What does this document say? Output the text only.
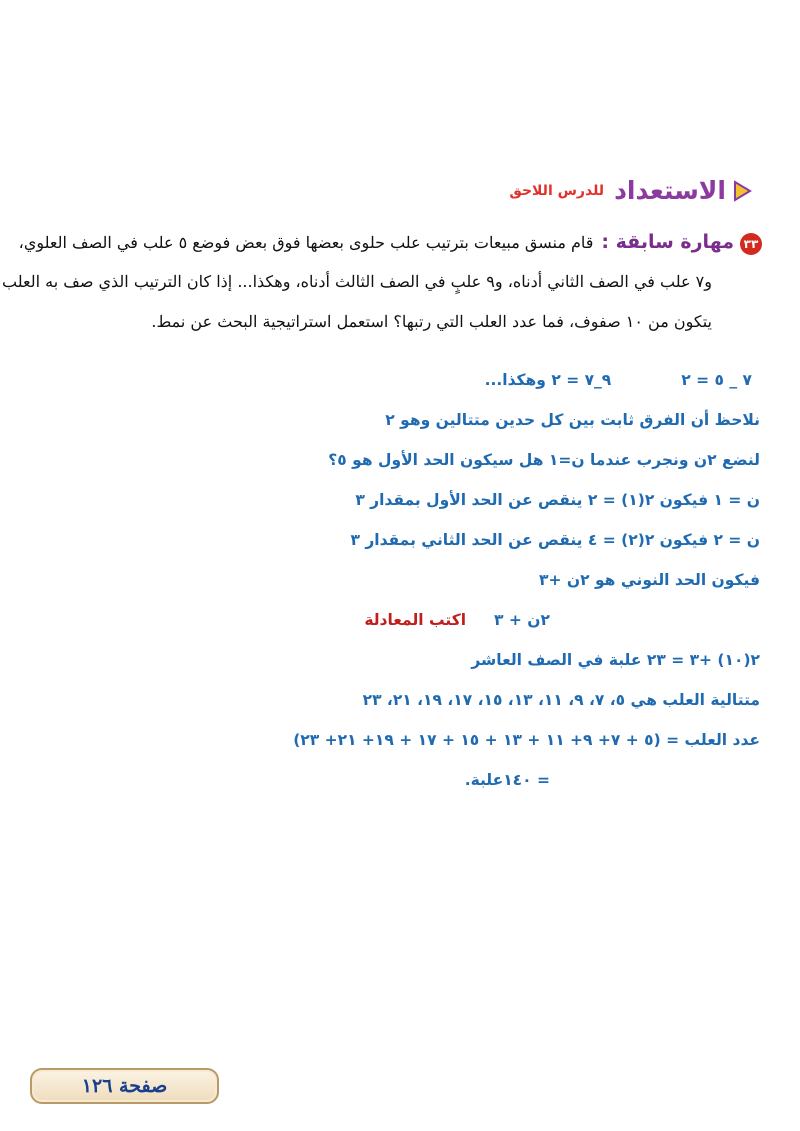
الاستعداد
للدرس اللاحق
٣٣مهارة سابقة :قام منسق مبيعات بترتيب علب حلوى بعضها فوق بعض فوضع ٥ علب في الصف العلوي،
و٧ علب في الصف الثاني أدناه، و٩ علبٍ في الصف الثالث أدناه، وهكذا... إذا كان الترتيب الذي صف به العلب
يتكون من ١٠ صفوف، فما عدد العلب التي رتبها؟ استعمل استراتيجية البحث عن نمط.
٧ _ ٥ = ٢٩_٧ = ٢ وهكذا...
نلاحظ أن الفرق ثابت بين كل حدين متتالين وهو ٢
لنضع ٢ن ونجرب عندما ن=١ هل سيكون الحد الأول هو ٥؟
ن = ١ فيكون ٢(١) = ٢ ينقص عن الحد الأول بمقدار ٣
ن = ٢ فيكون ٢(٢) = ٤ ينقص عن الحد الثاني بمقدار ٣
فيكون الحد النوني هو ٢ن +٣
٢ن + ٣اكتب المعادلة
٢(١٠) +٣ = ٢٣ علبة في الصف العاشر
متتالية العلب هي ٥، ٧، ٩، ١١، ١٣، ١٥، ١٧، ١٩، ٢١، ٢٣
عدد العلب = (٥ + ٧+ ٩+ ١١ + ١٣ + ١٥ + ١٧ + ١٩+ ٢١+ ٢٣)
= ١٤٠علبة.
صفحة ١٢٦
